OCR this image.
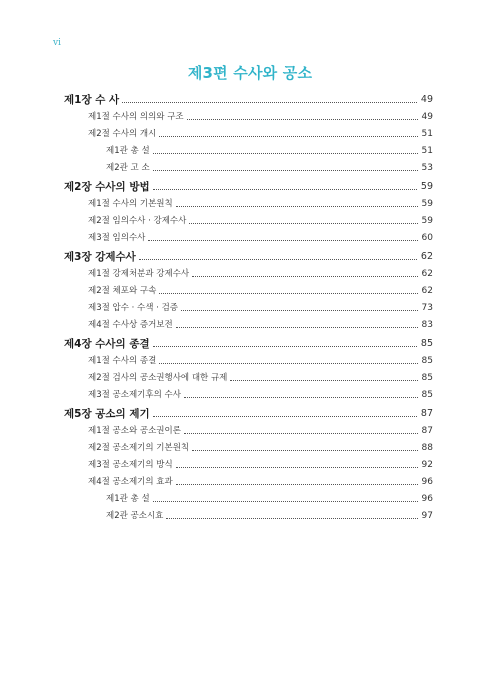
ⅵ
제3편 수사와 공소
제1장 수 사	49
제1절 수사의 의의와 구조	49
제2절 수사의 개시	51
제1관 총 설	51
제2관 고 소	53
제2장 수사의 방법	59
제1절 수사의 기본원칙	59
제2절 임의수사 · 강제수사	59
제3절 임의수사	60
제3장 강제수사	62
제1절 강제처분과 강제수사	62
제2절 체포와 구속	62
제3절 압수 · 수색 · 검증	73
제4절 수사상 증거보전	83
제4장 수사의 종결	85
제1절 수사의 종결	85
제2절 검사의 공소권행사에 대한 규제	85
제3절 공소제기후의 수사	85
제5장 공소의 제기	87
제1절 공소와 공소권이론	87
제2절 공소제기의 기본원칙	88
제3절 공소제기의 방식	92
제4절 공소제기의 효과	96
제1관 총 설	96
제2관 공소시효	97
